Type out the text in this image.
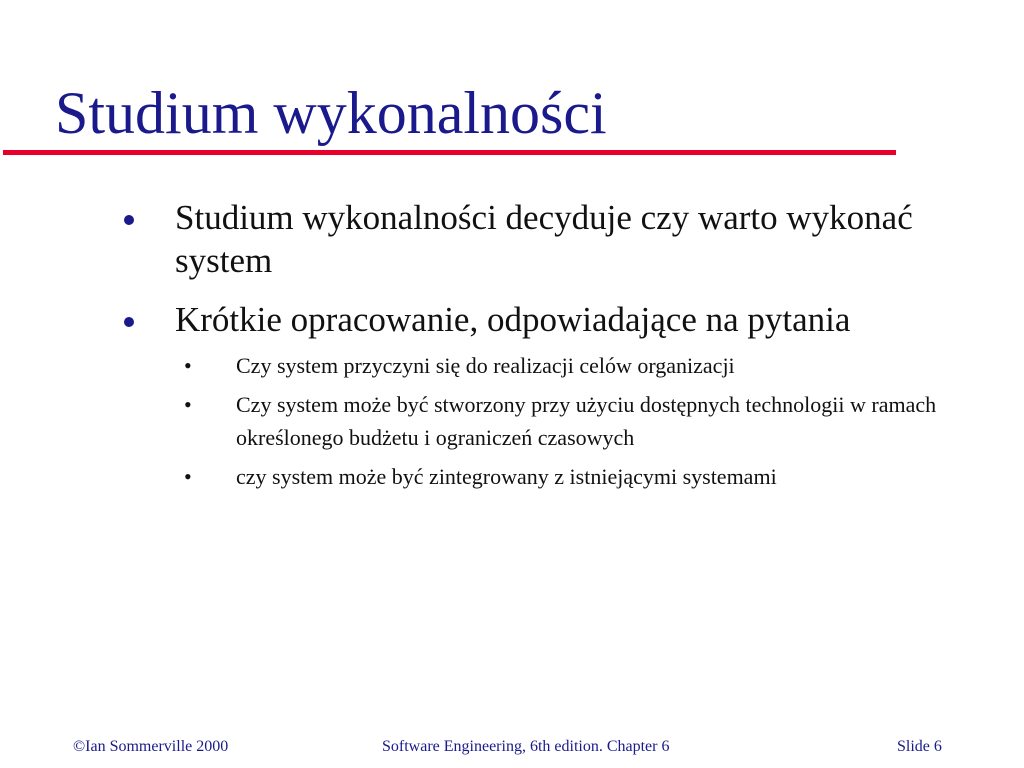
Studium wykonalności
Studium wykonalności decyduje czy warto wykonać system
Krótkie opracowanie, odpowiadające na pytania
• Czy system przyczyni się do realizacji celów organizacji
• Czy system może być stworzony przy użyciu dostępnych technologii w ramach określonego budżetu i ograniczeń czasowych
• czy system może być zintegrowany z istniejącymi systemami
©Ian Sommerville 2000	Software Engineering, 6th edition. Chapter 6	Slide 6
